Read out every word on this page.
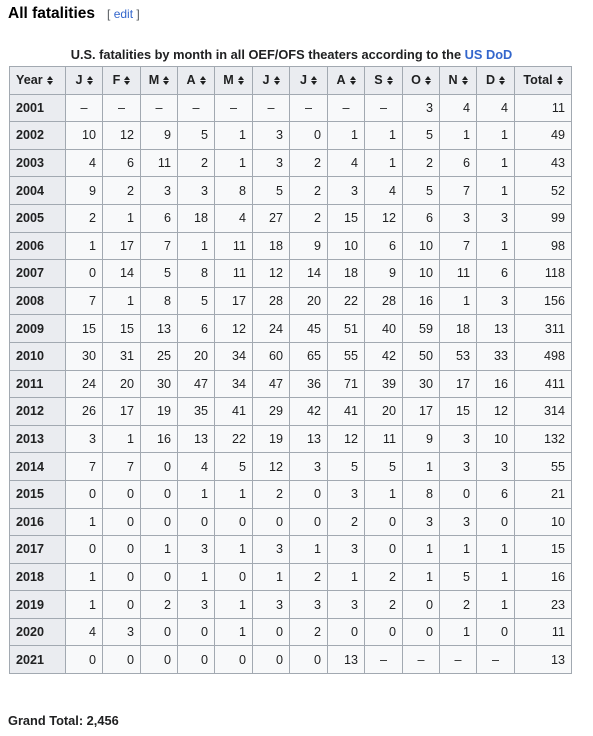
All fatalities [ edit ]
U.S. fatalities by month in all OEF/OFS theaters according to the US DoD
Year	J	F	M	A	M	J	J	A	S	O	N	D	Total
2001	–	–	–	–	–	–	–	–	–	3	4	4	11
2002	10	12	9	5	1	3	0	1	1	5	1	1	49
2003	4	6	11	2	1	3	2	4	1	2	6	1	43
2004	9	2	3	3	8	5	2	3	4	5	7	1	52
2005	2	1	6	18	4	27	2	15	12	6	3	3	99
2006	1	17	7	1	11	18	9	10	6	10	7	1	98
2007	0	14	5	8	11	12	14	18	9	10	11	6	118
2008	7	1	8	5	17	28	20	22	28	16	1	3	156
2009	15	15	13	6	12	24	45	51	40	59	18	13	311
2010	30	31	25	20	34	60	65	55	42	50	53	33	498
2011	24	20	30	47	34	47	36	71	39	30	17	16	411
2012	26	17	19	35	41	29	42	41	20	17	15	12	314
2013	3	1	16	13	22	19	13	12	11	9	3	10	132
2014	7	7	0	4	5	12	3	5	5	1	3	3	55
2015	0	0	0	1	1	2	0	3	1	8	0	6	21
2016	1	0	0	0	0	0	0	2	0	3	3	0	10
2017	0	0	1	3	1	3	1	3	0	1	1	1	15
2018	1	0	0	1	0	1	2	1	2	1	5	1	16
2019	1	0	2	3	1	3	3	3	2	0	2	1	23
2020	4	3	0	0	1	0	2	0	0	0	1	0	11
2021	0	0	0	0	0	0	0	13	–	–	–	–	13
Grand Total: 2,456
